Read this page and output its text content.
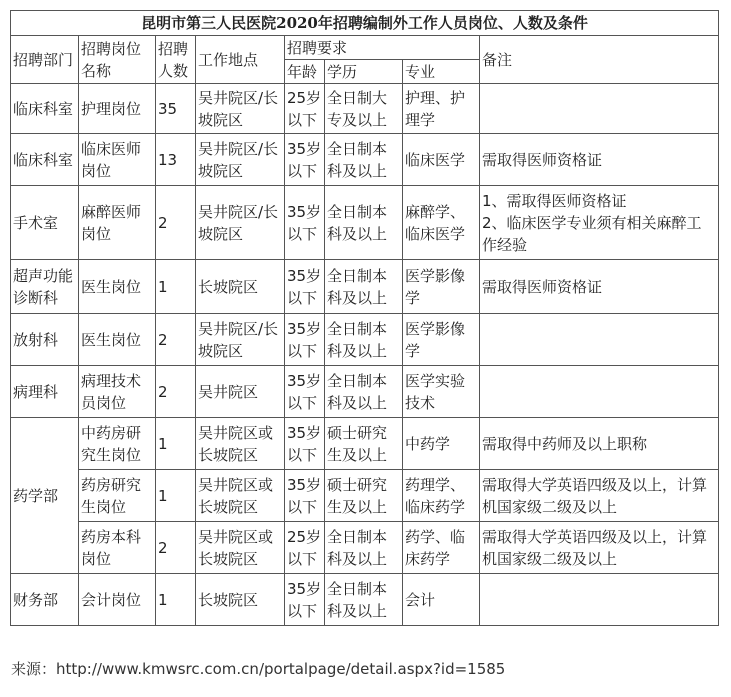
昆明市第三人民医院2020年招聘编制外工作人员岗位、人数及条件							
招聘部门	招聘岗位名称	招聘人数	工作地点	招聘要求			备注
				年龄	学历	专业	
临床科室	护理岗位	35	吴井院区/长坡院区	25岁以下	全日制大专及以上	护理、护理学	
临床科室	临床医师岗位	13	吴井院区/长坡院区	35岁以下	全日制本科及以上	临床医学	需取得医师资格证
手术室	麻醉医师岗位	2	吴井院区/长坡院区	35岁以下	全日制本科及以上	麻醉学、临床医学	1、需取得医师资格证
2、临床医学专业须有相关麻醉工作经验
超声功能诊断科	医生岗位	1	长坡院区	35岁以下	全日制本科及以上	医学影像学	需取得医师资格证
放射科	医生岗位	2	吴井院区/长坡院区	35岁以下	全日制本科及以上	医学影像学	
病理科	病理技术员岗位	2	吴井院区	35岁以下	全日制本科及以上	医学实验技术	
药学部	中药房研究生岗位	1	吴井院区或长坡院区	35岁以下	硕士研究生及以上	中药学	需取得中药师及以上职称
	药房研究生岗位	1	吴井院区或长坡院区	35岁以下	硕士研究生及以上	药理学、临床药学	需取得大学英语四级及以上，计算机国家级二级及以上
	药房本科岗位	2	吴井院区或长坡院区	25岁以下	全日制本科及以上	药学、临床药学	需取得大学英语四级及以上，计算机国家级二级及以上
财务部	会计岗位	1	长坡院区	35岁以下	全日制本科及以上	会计	
来源：http://www.kmwsrc.com.cn/portalpage/detail.aspx?id=1585
